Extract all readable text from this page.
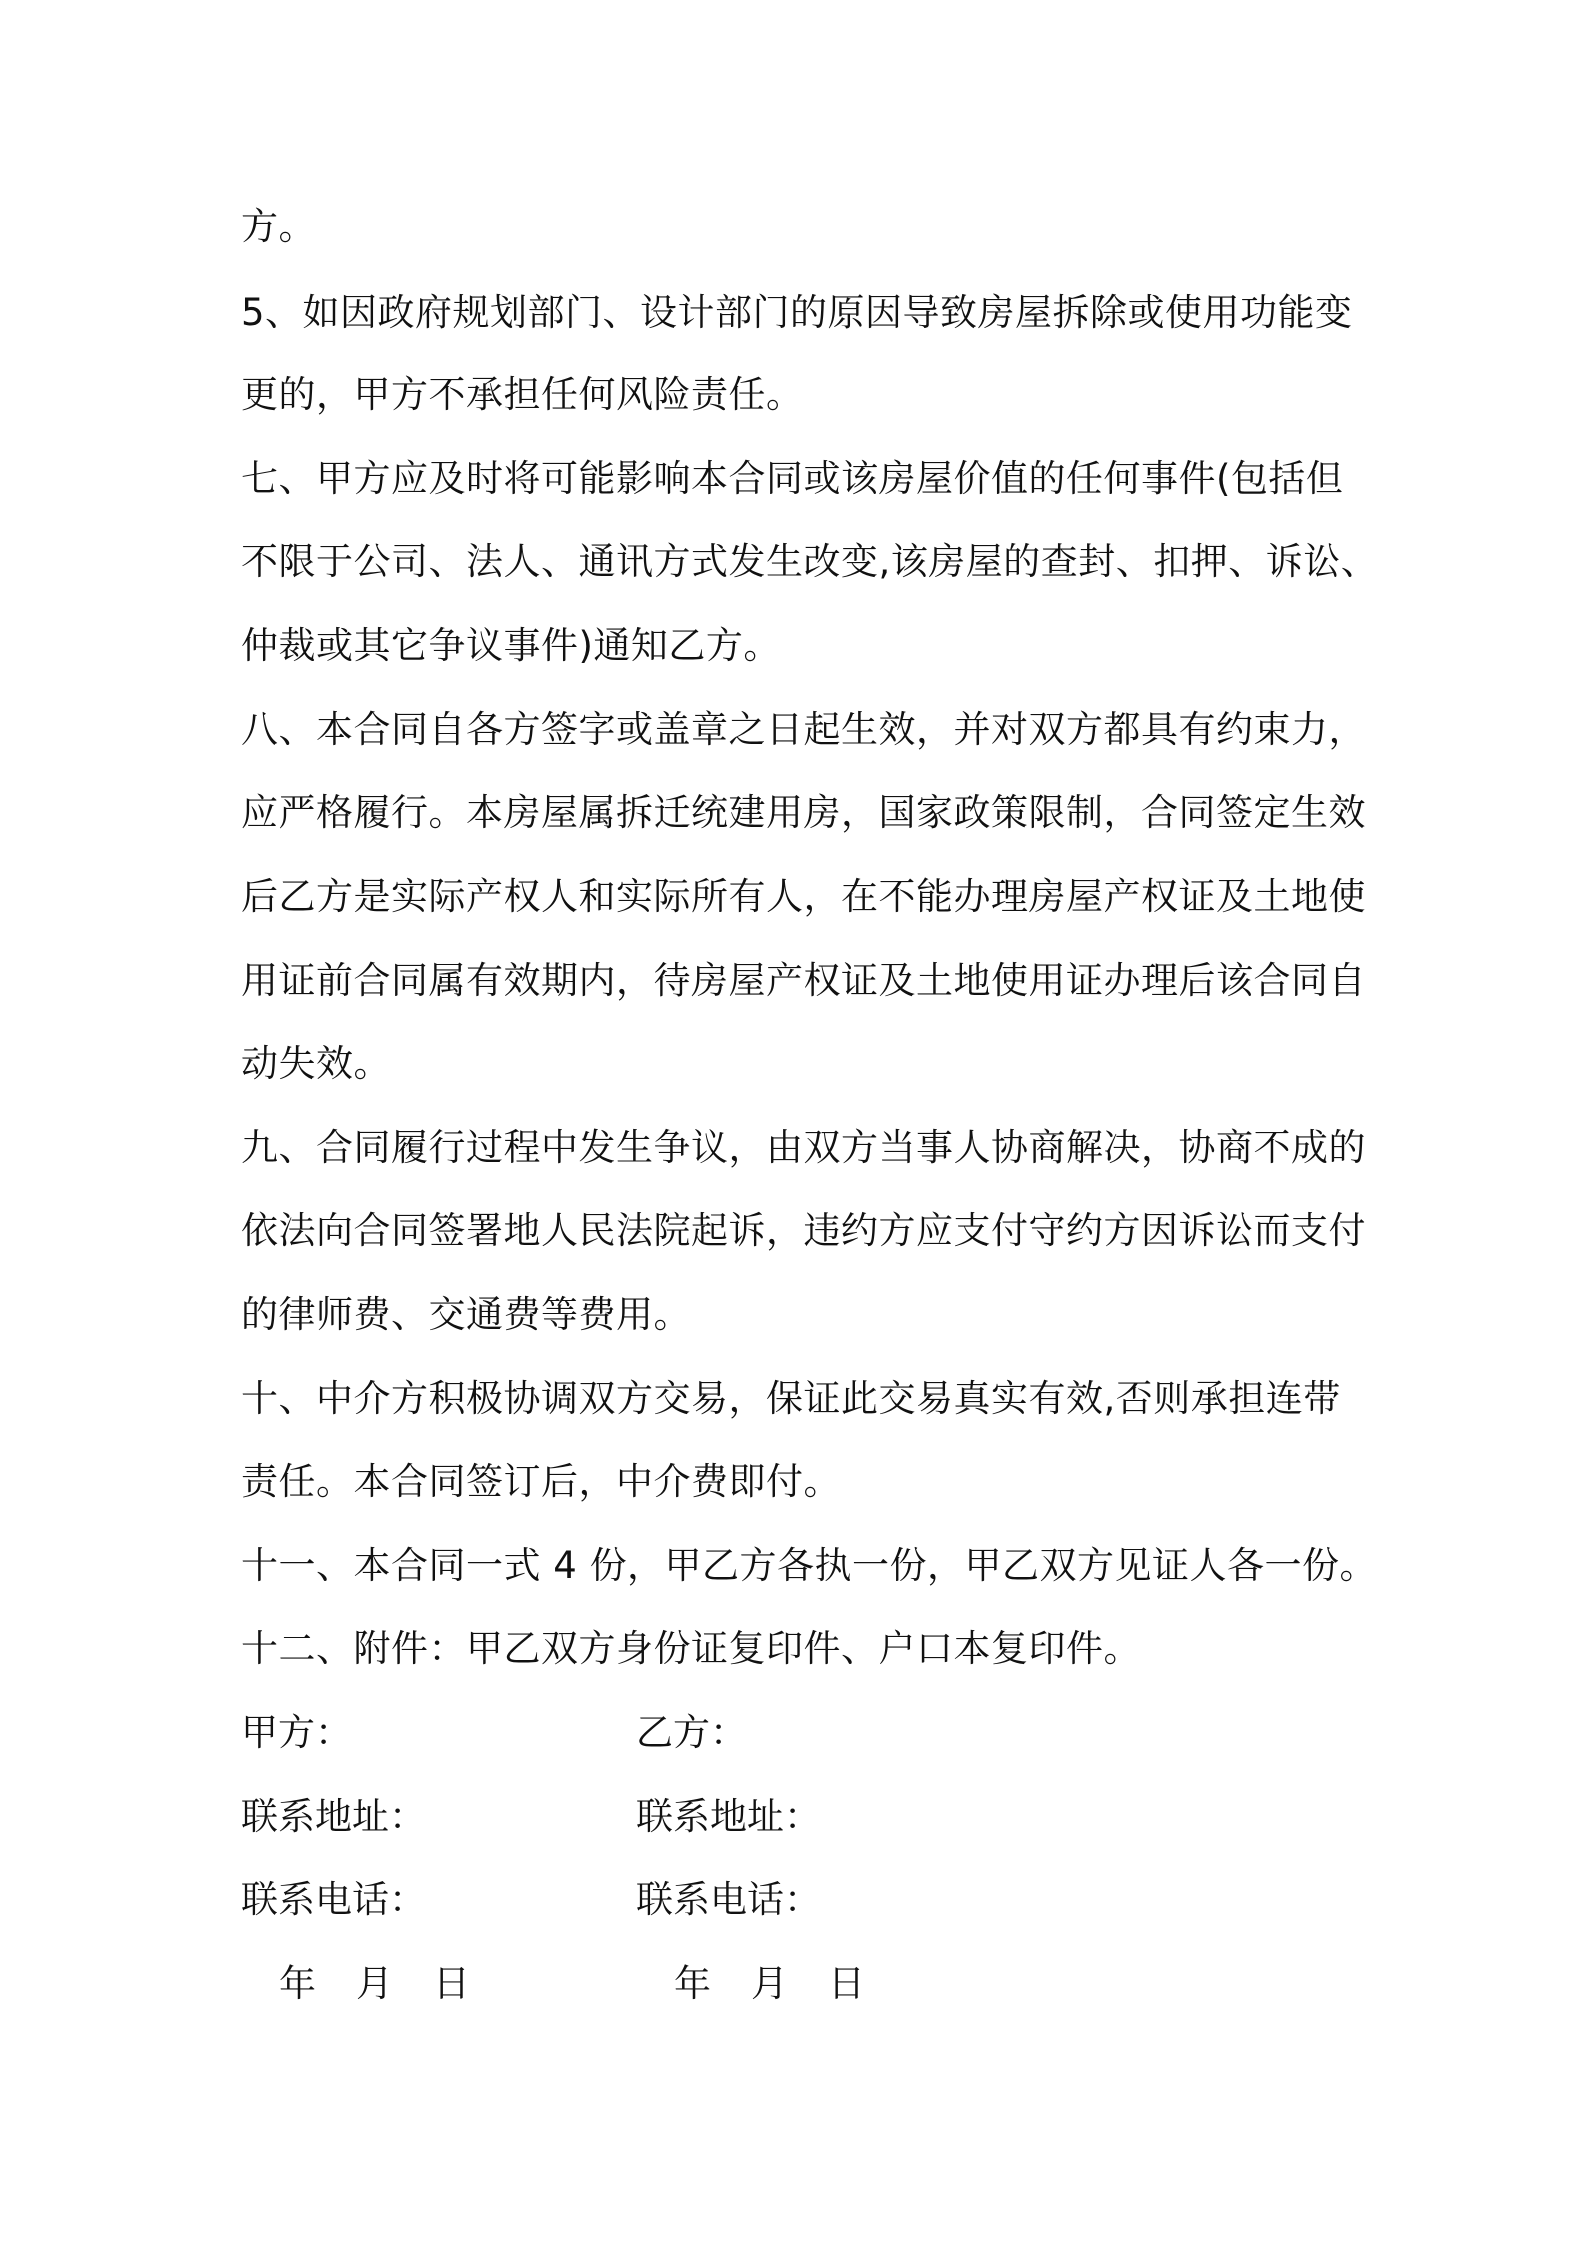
方。
5、如因政府规划部门、设计部门的原因导致房屋拆除或使用功能变
更的，甲方不承担任何风险责任。
七、甲方应及时将可能影响本合同或该房屋价值的任何事件(包括但
不限于公司、法人、通讯方式发生改变,该房屋的查封、扣押、诉讼、
仲裁或其它争议事件)通知乙方。
八、本合同自各方签字或盖章之日起生效，并对双方都具有约束力，
应严格履行。本房屋属拆迁统建用房，国家政策限制，合同签定生效
后乙方是实际产权人和实际所有人，在不能办理房屋产权证及土地使
用证前合同属有效期内，待房屋产权证及土地使用证办理后该合同自
动失效。
九、合同履行过程中发生争议，由双方当事人协商解决，协商不成的
依法向合同签署地人民法院起诉，违约方应支付守约方因诉讼而支付
的律师费、交通费等费用。
十、中介方积极协调双方交易，保证此交易真实有效,否则承担连带
责任。本合同签订后，中介费即付。
十一、本合同一式 4 份，甲乙方各执一份，甲乙双方见证人各一份。
十二、附件：甲乙双方身份证复印件、户口本复印件。
甲方：	乙方：
联系地址：	联系地址：
联系电话：	联系电话：
年 月 日	年 月 日
